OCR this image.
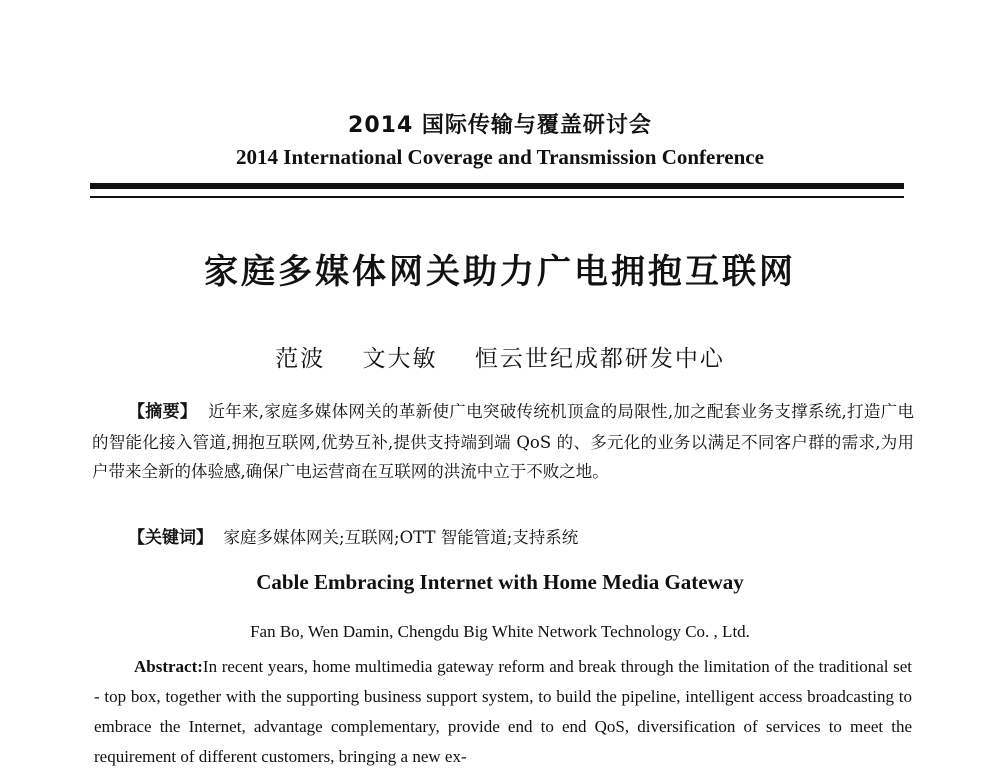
2014 国际传输与覆盖研讨会
2014 International Coverage and Transmission Conference
家庭多媒体网关助力广电拥抱互联网
范波 文大敏 恒云世纪成都研发中心
【摘要】 近年来,家庭多媒体网关的革新使广电突破传统机顶盒的局限性,加之配套业务支撑系统,打造广电的智能化接入管道,拥抱互联网,优势互补,提供支持端到端 QoS 的、多元化的业务以满足不同客户群的需求,为用户带来全新的体验感,确保广电运营商在互联网的洪流中立于不败之地。
【关键词】 家庭多媒体网关;互联网;OTT 智能管道;支持系统
Cable Embracing Internet with Home Media Gateway
Fan Bo, Wen Damin, Chengdu Big White Network Technology Co. , Ltd.
Abstract:In recent years, home multimedia gateway reform and break through the limitation of the traditional set - top box, together with the supporting business support system, to build the pipeline, intelligent access broadcasting to embrace the Internet, advantage complementary, provide end to end QoS, diversification of services to meet the requirement of different customers, bringing a new ex-
